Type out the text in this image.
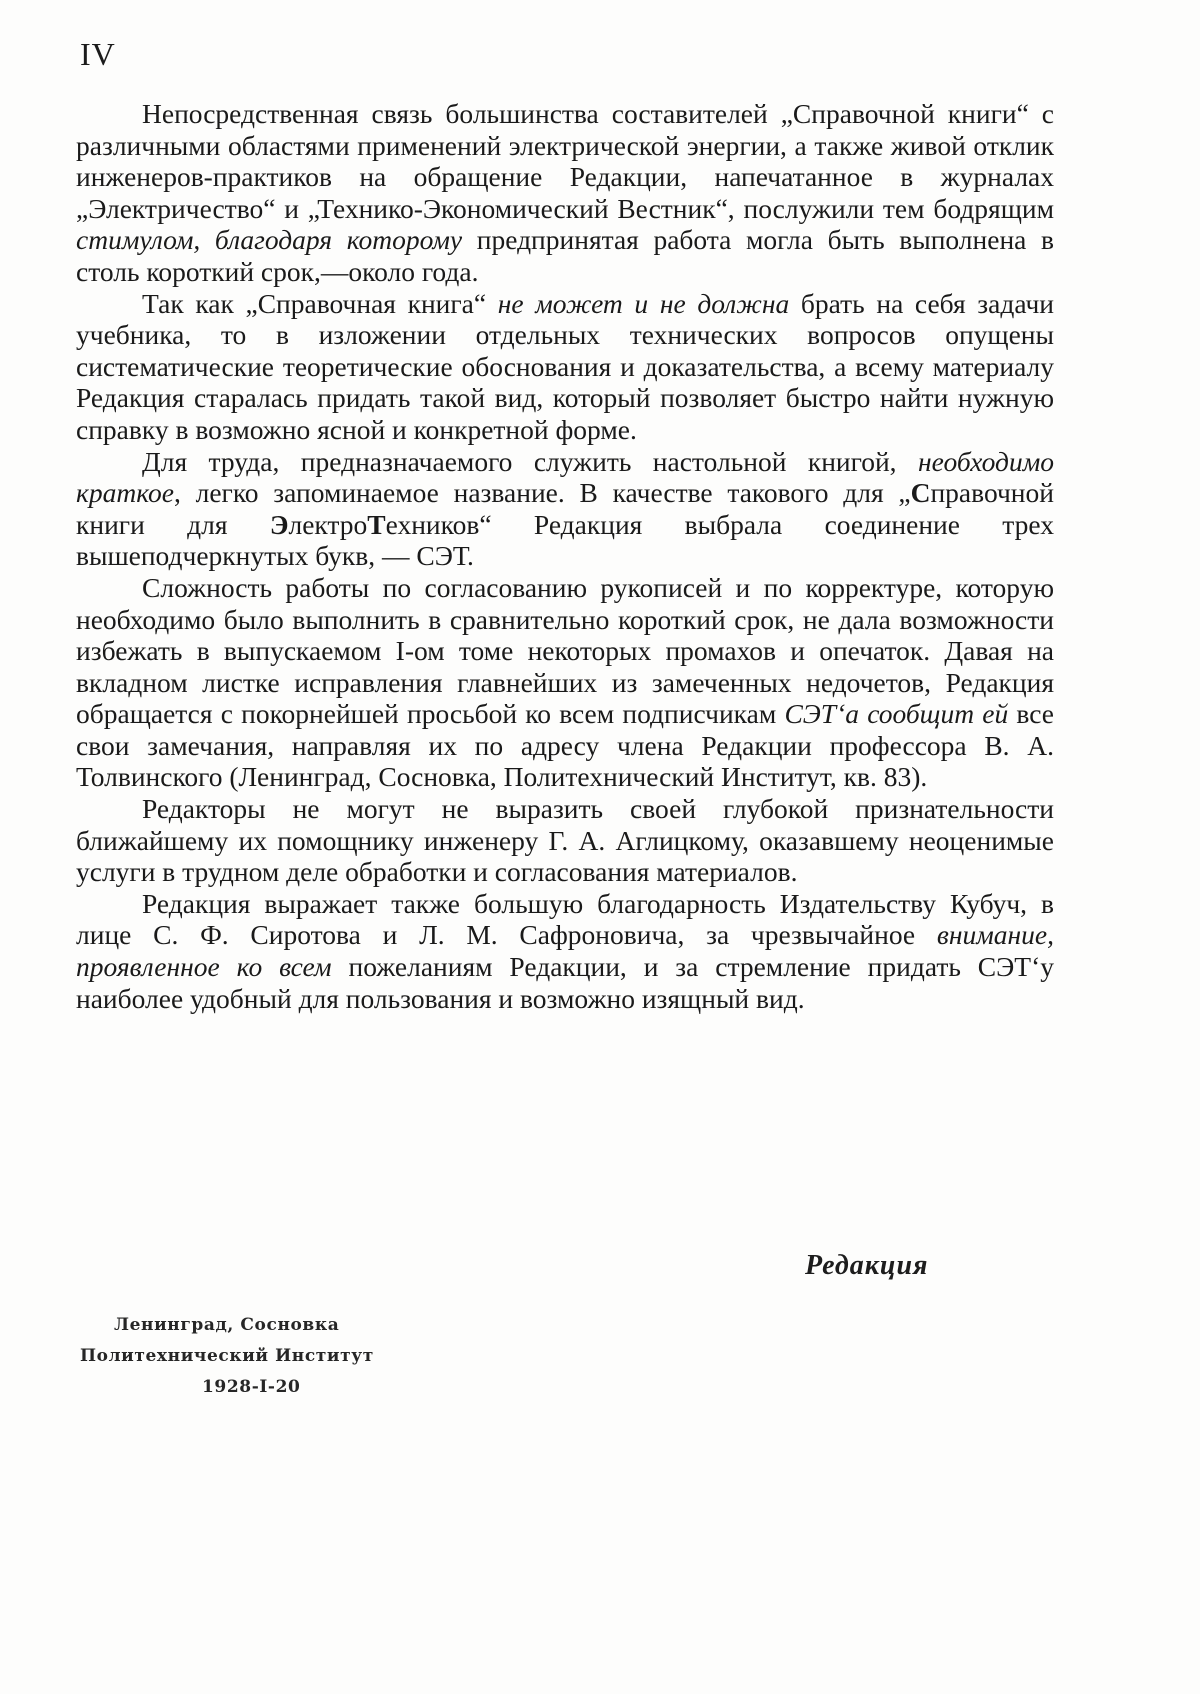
IV

Непосредственная связь большинства составителей „Справочной книги“ с различными областями применений электрической энергии, а также живой отклик инженеров-практиков на обращение Редакции, напечатанное в журналах „Электричество“ и „Технико-Экономический Вестник“, послужили тем бодрящим стимулом, благодаря которому предпринятая работа могла быть выполнена в столь короткий срок,—около года.

Так как „Справочная книга“ не может и не должна брать на себя задачи учебника, то в изложении отдельных технических вопросов опущены систематические теоретические обоснования и доказательства, а всему материалу Редакция старалась придать такой вид, который позволяет быстро найти нужную справку в возможно ясной и конкретной форме.

Для труда, предназначаемого служить настольной книгой, необходимо краткое, легко запоминаемое название. В качестве такового для „Справочной книги для ЭлектроТехников“ Редакция выбрала соединение трех вышеподчеркнутых букв, — СЭТ.

Сложность работы по согласованию рукописей и по корректуре, которую необходимо было выполнить в сравнительно короткий срок, не дала возможности избежать в выпускаемом I-ом томе некоторых промахов и опечаток. Давая на вкладном листке исправления главнейших из замеченных недочетов, Редакция обращается с покорнейшей просьбой ко всем подписчикам СЭТ‘а сообщит ей все свои замечания, направляя их по адресу члена Редакции профессора В. А. Толвинского (Ленинград, Сосновка, Политехнический Институт, кв. 83).

Редакторы не могут не выразить своей глубокой признательности ближайшему их помощнику инженеру Г. А. Аглицкому, оказавшему неоценимые услуги в трудном деле обработки и согласования материалов.

Редакция выражает также большую благодарность Издательству Кубуч, в лице С. Ф. Сиротова и Л. М. Сафроновича, за чрезвычайное внимание, проявленное ко всем пожеланиям Редакции, и за стремление придать СЭТ‘у наиболее удобный для пользования и возможно изящный вид.

Редакция
Ленинград, Сосновка
Политехнический Институт
1928-I-20
